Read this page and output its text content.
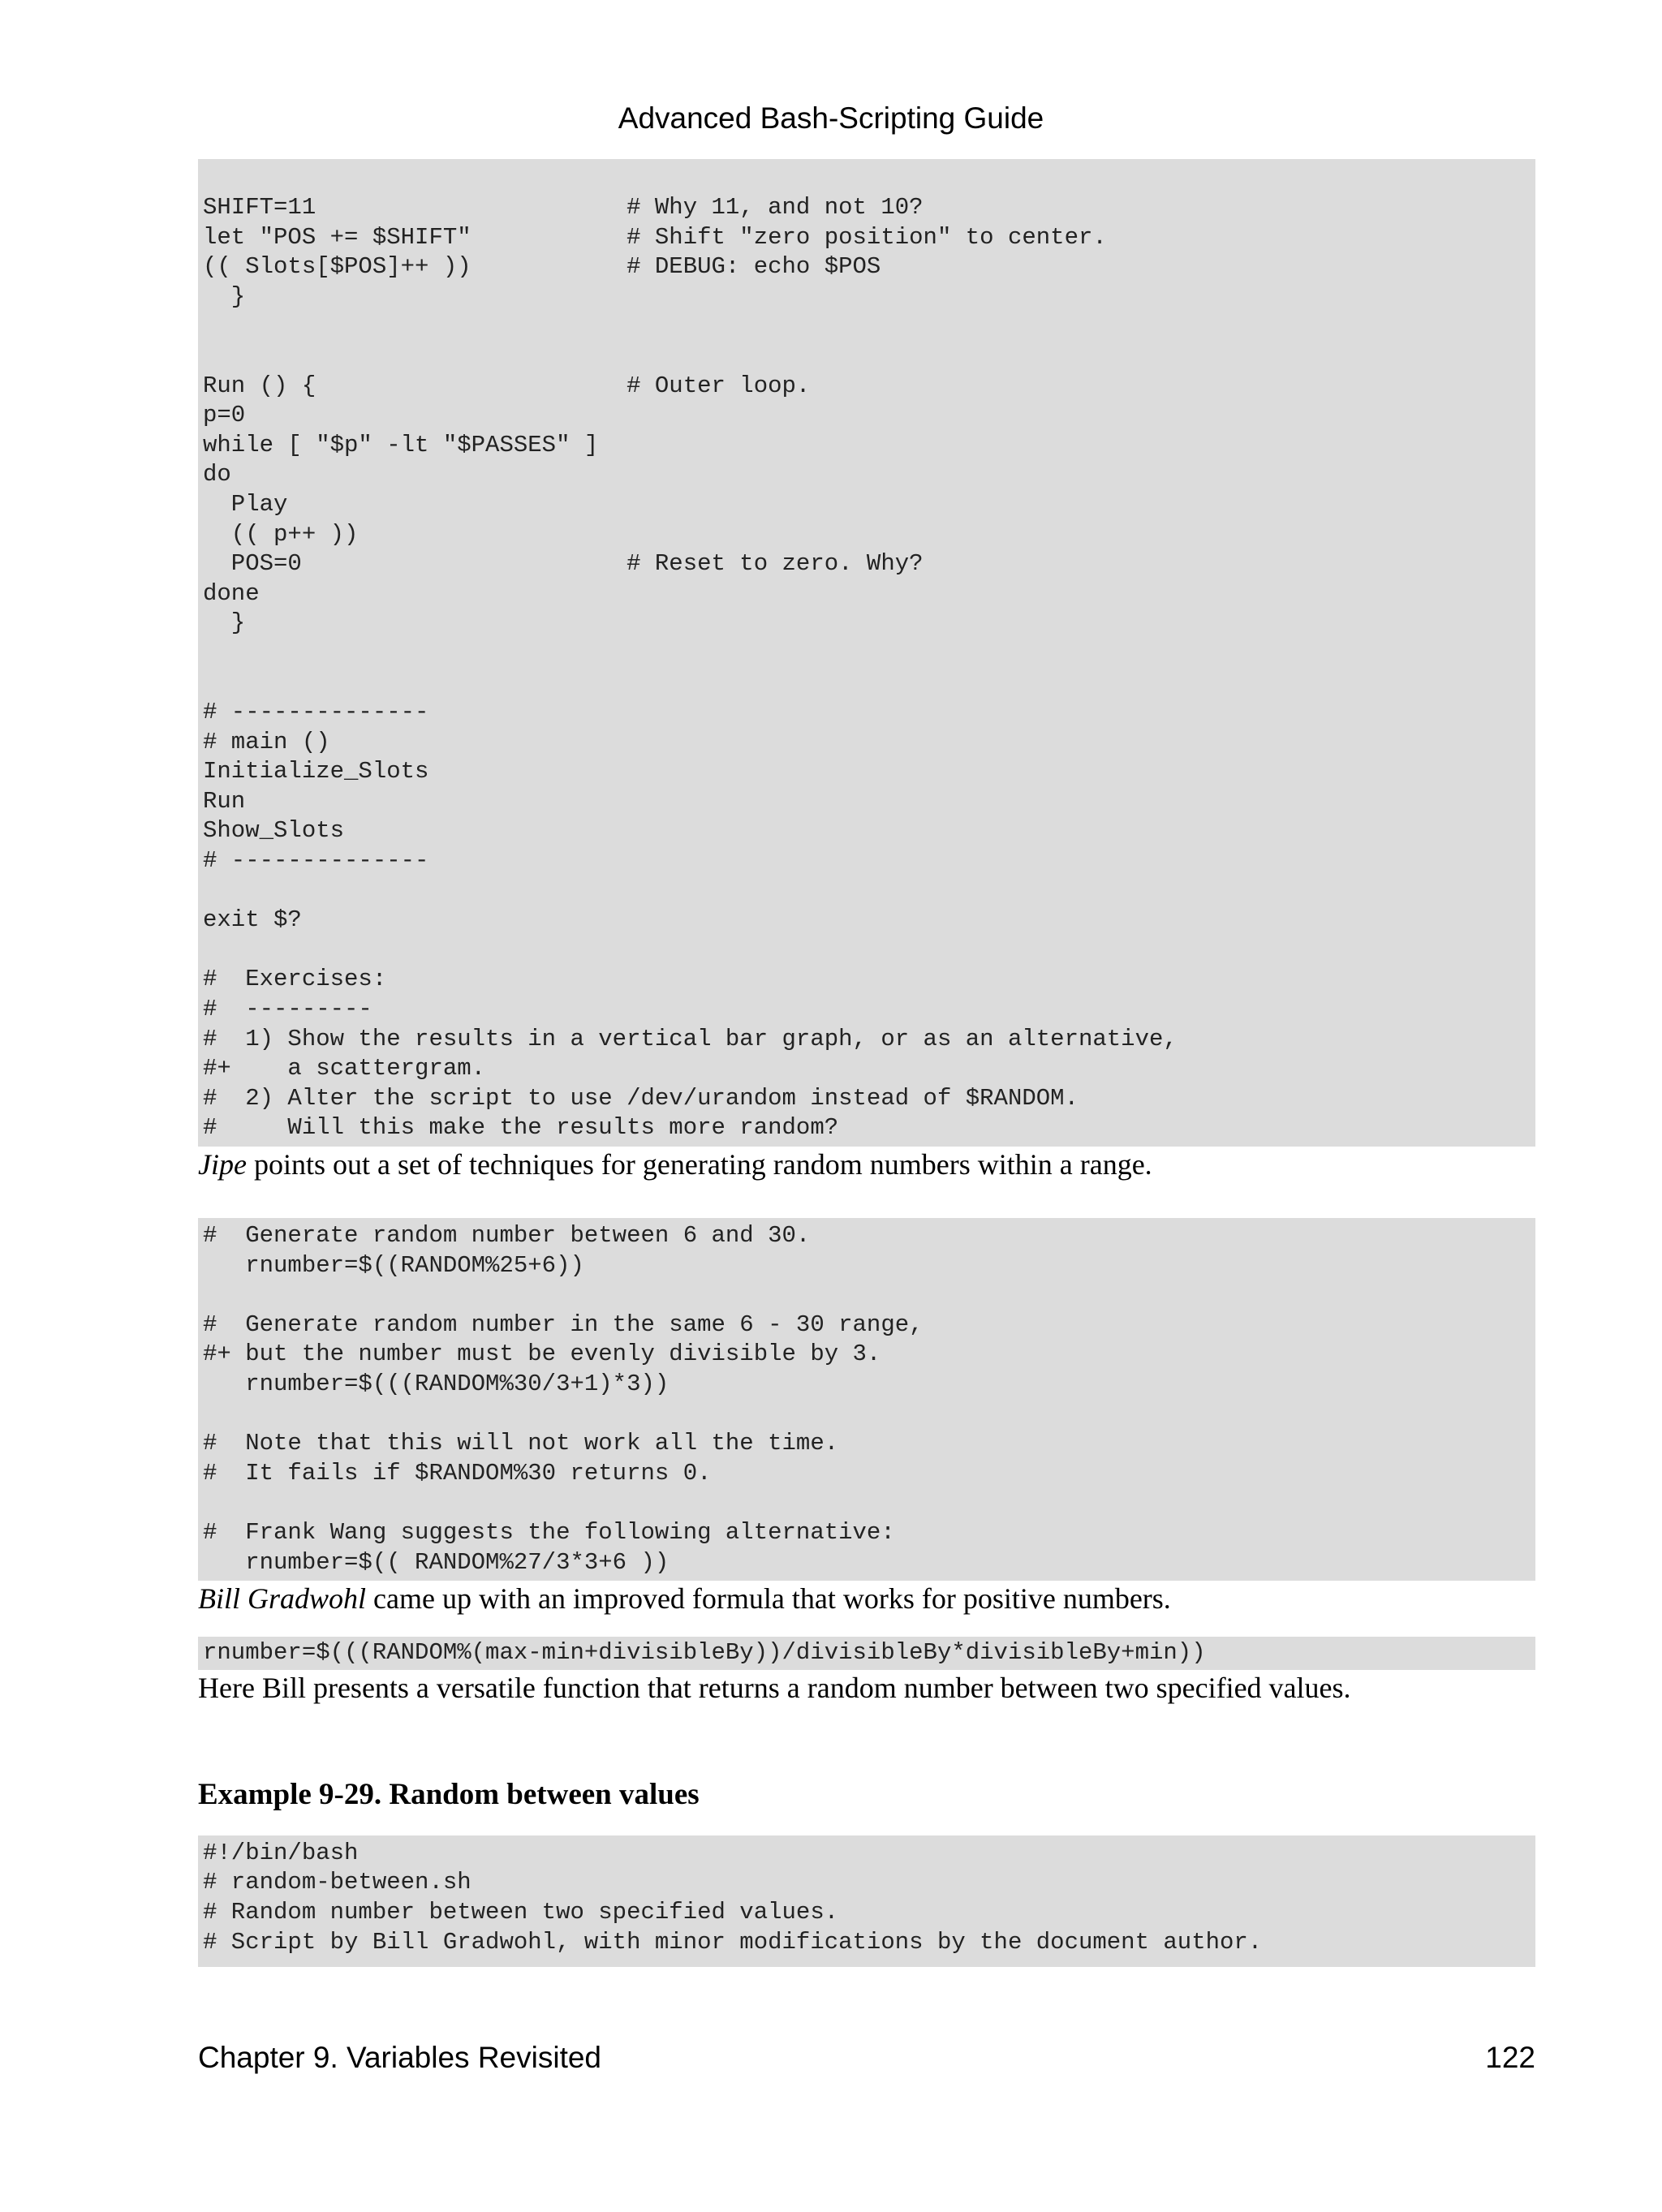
Advanced Bash-Scripting Guide
SHIFT=11                      # Why 11, and not 10?
let "POS += $SHIFT"           # Shift "zero position" to center.
(( Slots[$POS]++ ))           # DEBUG: echo $POS
}
Run () {                      # Outer loop.
p=0
while [ "$p" -lt "$PASSES" ]
do
Play
(( p++ ))
POS=0                       # Reset to zero. Why?
done
}
# --------------
# main ()
Initialize_Slots
Run
Show_Slots
# --------------
exit $?
#  Exercises:
#  ---------
#  1) Show the results in a vertical bar graph, or as an alternative,
#+    a scattergram.
#  2) Alter the script to use /dev/urandom instead of $RANDOM.
#     Will this make the results more random?

Jipe points out a set of techniques for generating random numbers within a range.

#  Generate random number between 6 and 30.
rnumber=$((RANDOM%25+6))
#  Generate random number in the same 6 - 30 range,
#+ but the number must be evenly divisible by 3.
rnumber=$(((RANDOM%30/3+1)*3))
#  Note that this will not work all the time.
#  It fails if $RANDOM%30 returns 0.
#  Frank Wang suggests the following alternative:
rnumber=$(( RANDOM%27/3*3+6 ))

Bill Gradwohl came up with an improved formula that works for positive numbers.

rnumber=$(((RANDOM%(max-min+divisibleBy))/divisibleBy*divisibleBy+min))

Here Bill presents a versatile function that returns a random number between two specified values.

Example 9-29. Random between values

#!/bin/bash
# random-between.sh
# Random number between two specified values.
# Script by Bill Gradwohl, with minor modifications by the document author.
Chapter 9. Variables Revisited	122
